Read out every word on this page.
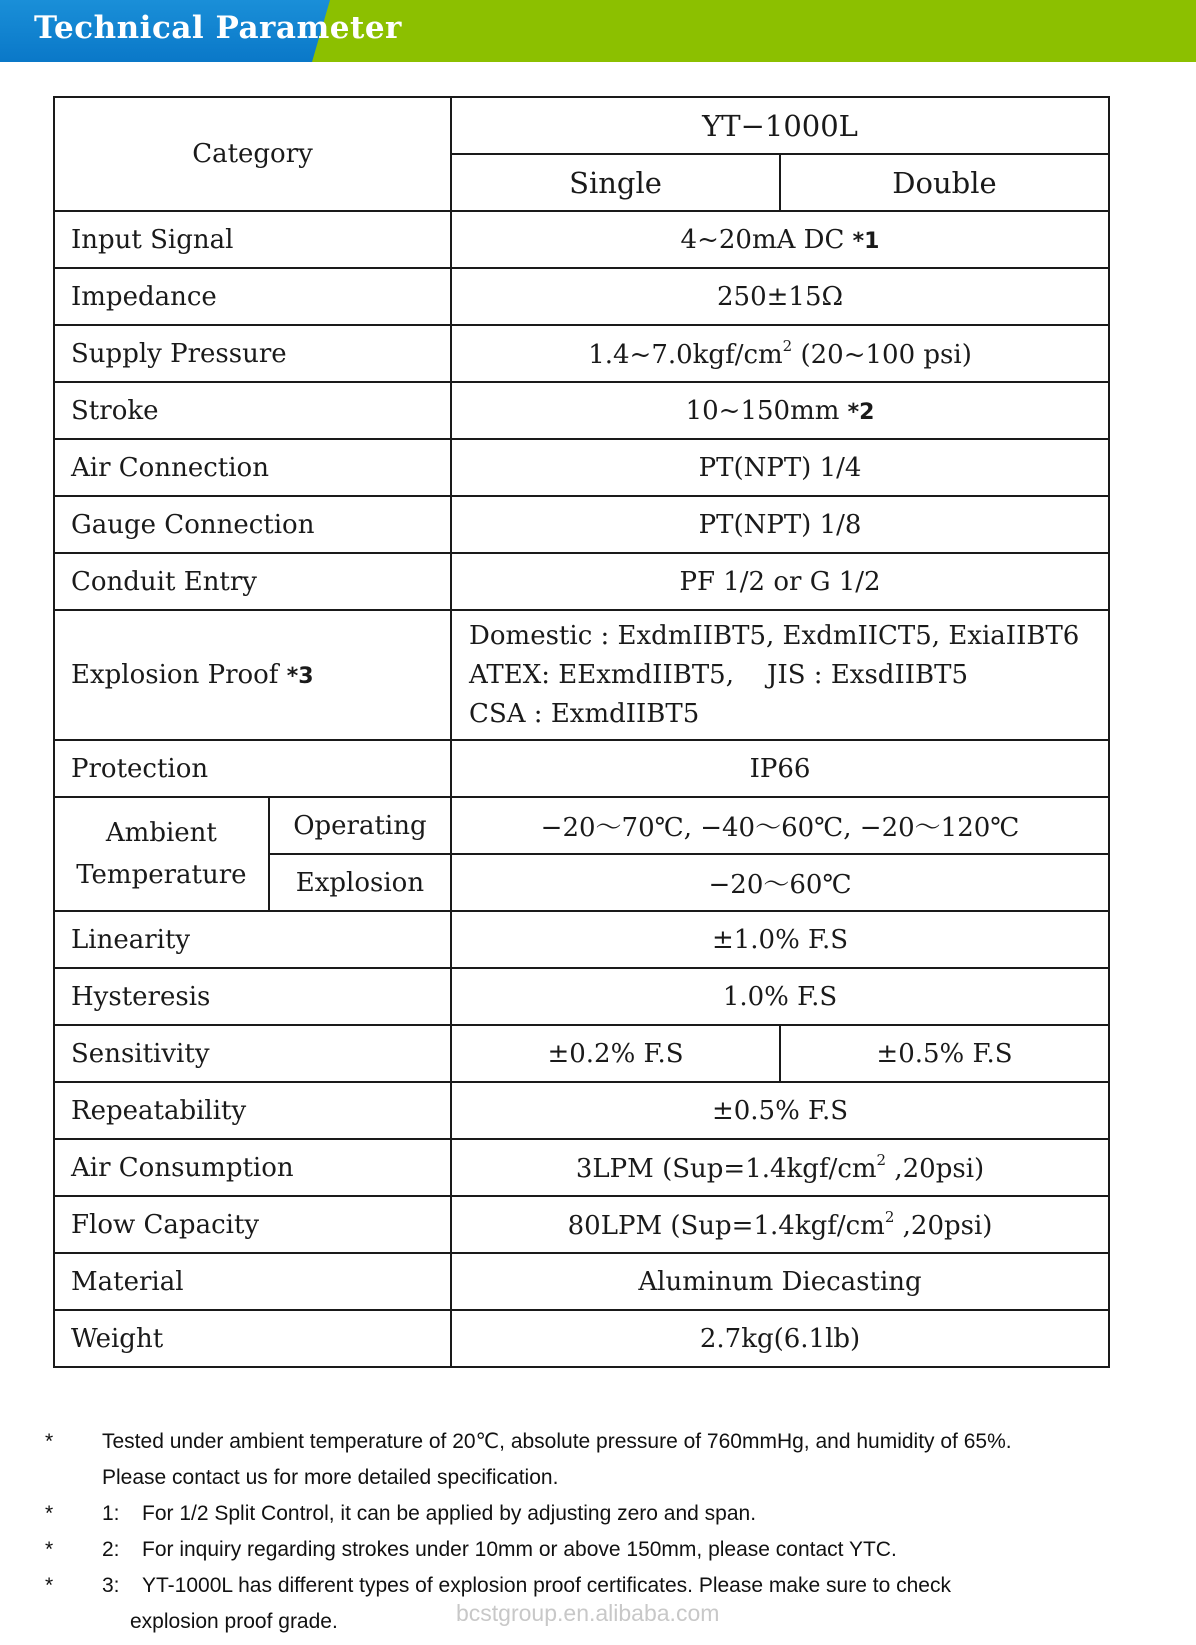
Technical Parameter
Category		YT−1000L	
		Single	Double
Input Signal		4~20mA DC *1	
Impedance		250±15Ω	
Supply Pressure		$1.4\sim 7.0kgf/cm^2$ (20~100 psi)	
Stroke		10~150mm *2	
Air Connection		PT(NPT) 1/4	
Gauge Connection		PT(NPT) 1/8	
Conduit Entry		PF 1/2 or G 1/2	
Explosion Proof *3		Domestic : ExdmIIBT5, ExdmIICT5, ExiaIIBT6
ATEX: EExmdIIBT5,    JIS : ExsdIIBT5
CSA : ExmdIIBT5	

Protection		IP66	

Ambient
Temperature	Operating	−20～70℃, −40～60℃, −20～120℃	
	Explosion	−20～60℃	
Linearity		±1.0% F.S	
Hysteresis		1.0% F.S	
Sensitivity		±0.2% F.S	±0.5% F.S
Repeatability		±0.5% F.S	
Air Consumption		3LPM ($Sup=1.4kgf/cm^2$ ,20psi)	
Flow Capacity		80LPM ($Sup=1.4kgf/cm^2$ ,20psi)	
Material		Aluminum Diecasting	
Weight		2.7kg(6.1lb)	
* Tested under ambient temperature of 20℃, absolute pressure of 760mmHg, and humidity of 65%.
Please contact us for more detailed specification.
* 1: For 1/2 Split Control, it can be applied by adjusting zero and span.
* 2: For inquiry regarding strokes under 10mm or above 150mm, please contact YTC.
* 3: YT-1000L has different types of explosion proof certificates. Please make sure to check
explosion proof grade.	bcstgroup.en.alibaba.com
